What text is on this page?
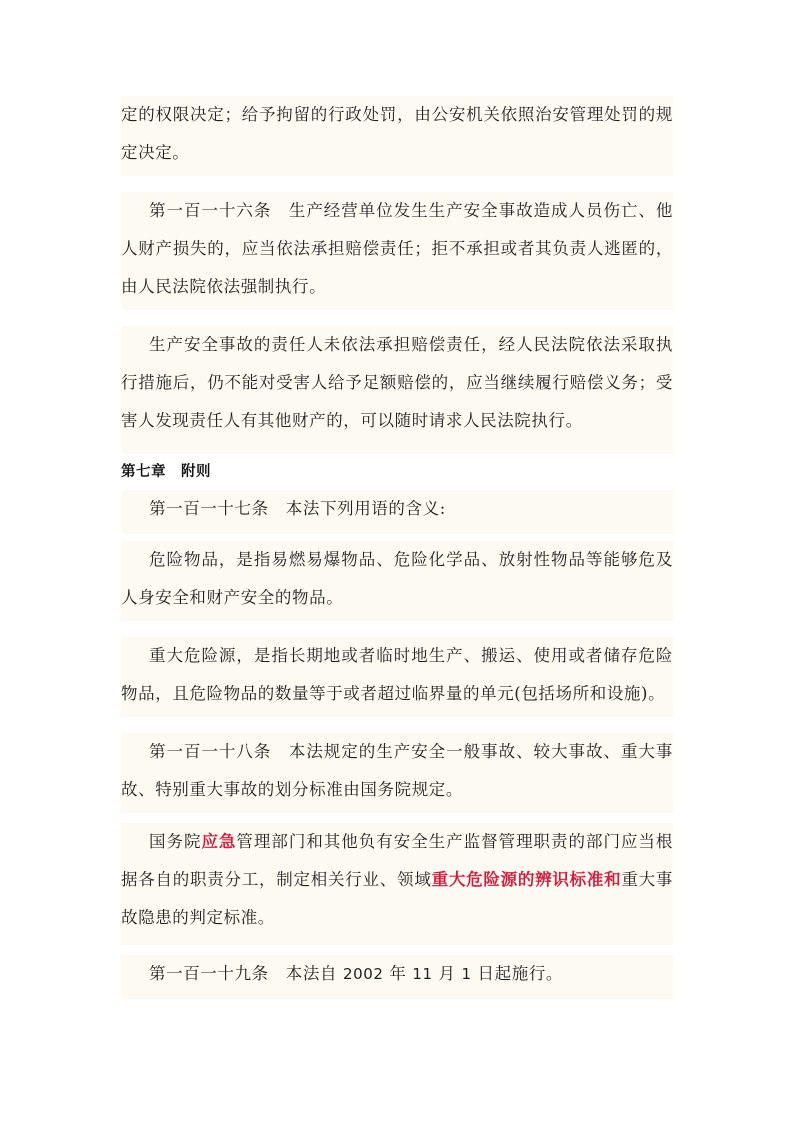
定的权限决定；给予拘留的行政处罚，由公安机关依照治安管理处罚的规定决定。

第一百一十六条　生产经营单位发生生产安全事故造成人员伤亡、他人财产损失的，应当依法承担赔偿责任；拒不承担或者其负责人逃匿的，由人民法院依法强制执行。

生产安全事故的责任人未依法承担赔偿责任，经人民法院依法采取执行措施后，仍不能对受害人给予足额赔偿的，应当继续履行赔偿义务；受害人发现责任人有其他财产的，可以随时请求人民法院执行。

第七章　附则

第一百一十七条　本法下列用语的含义:

危险物品，是指易燃易爆物品、危险化学品、放射性物品等能够危及人身安全和财产安全的物品。

重大危险源，是指长期地或者临时地生产、搬运、使用或者储存危险物品，且危险物品的数量等于或者超过临界量的单元(包括场所和设施)。

第一百一十八条　本法规定的生产安全一般事故、较大事故、重大事故、特别重大事故的划分标准由国务院规定。

国务院应急管理部门和其他负有安全生产监督管理职责的部门应当根据各自的职责分工，制定相关行业、领域重大危险源的辨识标准和重大事故隐患的判定标准。

第一百一十九条　本法自 2002 年 11 月 1 日起施行。
